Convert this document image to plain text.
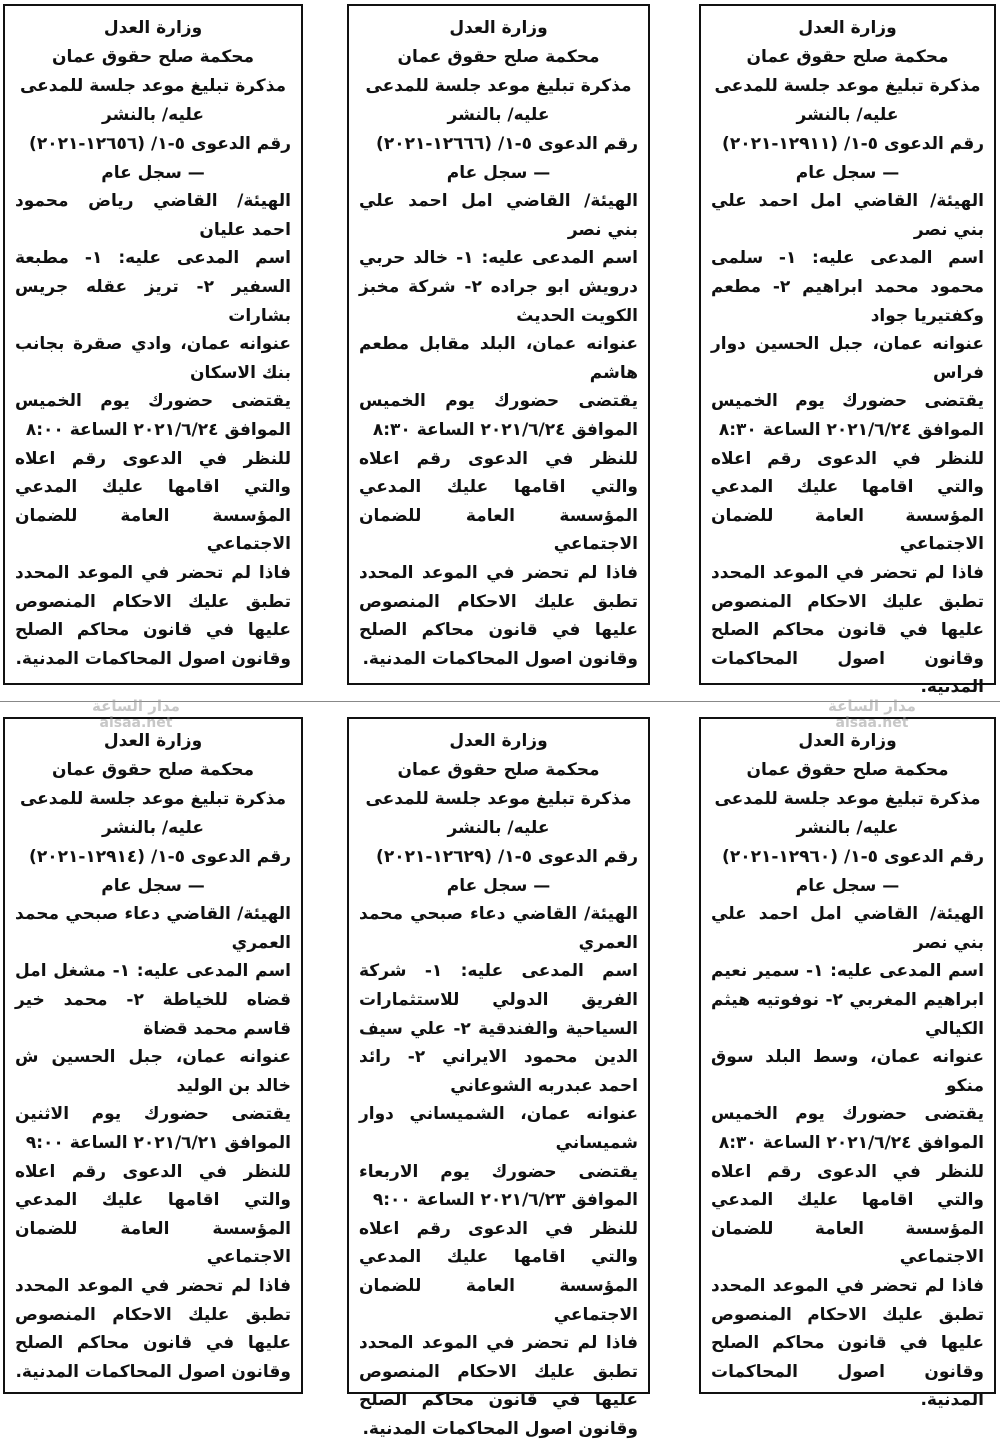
وزارة العدل
محكمة صلح حقوق عمان
مذكرة تبليغ موعد جلسة للمدعى
عليه/ بالنشر
رقم الدعوى ٥-١/ (١٢٩١١-٢٠٢١)
— سجل عام
الهيئة/ القاضي امل احمد علي بني نصر
اسم المدعى عليه: ١- سلمى محمود محمد ابراهيم ٢- مطعم وكفتيريا جواد
عنوانه عمان، جبل الحسين دوار فراس
يقتضى حضورك يوم الخميس الموافق ٢٠٢١/٦/٢٤ الساعة ٨:٣٠
للنظر في الدعوى رقم اعلاه والتي اقامها عليك المدعي المؤسسة العامة للضمان الاجتماعي
فاذا لم تحضر في الموعد المحدد تطبق عليك الاحكام المنصوص عليها في قانون محاكم الصلح وقانون اصول المحاكمات المدنية.
وزارة العدل
محكمة صلح حقوق عمان
مذكرة تبليغ موعد جلسة للمدعى
عليه/ بالنشر
رقم الدعوى ٥-١/ (١٢٦٦٦-٢٠٢١)
— سجل عام
الهيئة/ القاضي امل احمد علي بني نصر
اسم المدعى عليه: ١- خالد حربي درويش ابو جراده ٢- شركة مخبز الكويت الحديث
عنوانه عمان، البلد مقابل مطعم هاشم
يقتضى حضورك يوم الخميس الموافق ٢٠٢١/٦/٢٤ الساعة ٨:٣٠
للنظر في الدعوى رقم اعلاه والتي اقامها عليك المدعي المؤسسة العامة للضمان الاجتماعي
فاذا لم تحضر في الموعد المحدد تطبق عليك الاحكام المنصوص عليها في قانون محاكم الصلح وقانون اصول المحاكمات المدنية.
وزارة العدل
محكمة صلح حقوق عمان
مذكرة تبليغ موعد جلسة للمدعى
عليه/ بالنشر
رقم الدعوى ٥-١/ (١٢٦٥٦-٢٠٢١)
— سجل عام
الهيئة/ القاضي رياض محمود احمد عليان
اسم المدعى عليه: ١- مطبعة السفير ٢- تريز عقله جريس بشارات
عنوانه عمان، وادي صقرة بجانب بنك الاسكان
يقتضى حضورك يوم الخميس الموافق ٢٠٢١/٦/٢٤ الساعة ٨:٠٠
للنظر في الدعوى رقم اعلاه والتي اقامها عليك المدعي المؤسسة العامة للضمان الاجتماعي
فاذا لم تحضر في الموعد المحدد تطبق عليك الاحكام المنصوص عليها في قانون محاكم الصلح وقانون اصول المحاكمات المدنية.
وزارة العدل
محكمة صلح حقوق عمان
مذكرة تبليغ موعد جلسة للمدعى
عليه/ بالنشر
رقم الدعوى ٥-١/ (١٢٩٦٠-٢٠٢١)
— سجل عام
الهيئة/ القاضي امل احمد علي بني نصر
اسم المدعى عليه: ١- سمير نعيم ابراهيم المغربي ٢- نوفوتيه هيثم الكيالي
عنوانه عمان، وسط البلد سوق منكو
يقتضى حضورك يوم الخميس الموافق ٢٠٢١/٦/٢٤ الساعة ٨:٣٠
للنظر في الدعوى رقم اعلاه والتي اقامها عليك المدعي المؤسسة العامة للضمان الاجتماعي
فاذا لم تحضر في الموعد المحدد تطبق عليك الاحكام المنصوص عليها في قانون محاكم الصلح وقانون اصول المحاكمات المدنية.
وزارة العدل
محكمة صلح حقوق عمان
مذكرة تبليغ موعد جلسة للمدعى
عليه/ بالنشر
رقم الدعوى ٥-١/ (١٢٦٢٩-٢٠٢١)
— سجل عام
الهيئة/ القاضي دعاء صبحي محمد العمري
اسم المدعى عليه: ١- شركة الفريق الدولي للاستثمارات السياحية والفندقية ٢- علي سيف الدين محمود الايراني ٢- رائد احمد عبدربه الشوعاني
عنوانه عمان، الشميساني دوار شميساني
يقتضى حضورك يوم الاربعاء الموافق ٢٠٢١/٦/٢٣ الساعة ٩:٠٠
للنظر في الدعوى رقم اعلاه والتي اقامها عليك المدعي المؤسسة العامة للضمان الاجتماعي
فاذا لم تحضر في الموعد المحدد تطبق عليك الاحكام المنصوص عليها في قانون محاكم الصلح وقانون اصول المحاكمات المدنية.
وزارة العدل
محكمة صلح حقوق عمان
مذكرة تبليغ موعد جلسة للمدعى
عليه/ بالنشر
رقم الدعوى ٥-١/ (١٢٩١٤-٢٠٢١)
— سجل عام
الهيئة/ القاضي دعاء صبحي محمد العمري
اسم المدعى عليه: ١- مشغل امل قضاه للخياطة ٢- محمد خير قاسم محمد قضاة
عنوانه عمان، جبل الحسين ش خالد بن الوليد
يقتضى حضورك يوم الاثنين الموافق ٢٠٢١/٦/٢١ الساعة ٩:٠٠
للنظر في الدعوى رقم اعلاه والتي اقامها عليك المدعي المؤسسة العامة للضمان الاجتماعي
فاذا لم تحضر في الموعد المحدد تطبق عليك الاحكام المنصوص عليها في قانون محاكم الصلح وقانون اصول المحاكمات المدنية.
مدار الساعة
alsaa.net
مدار الساعة
alsaa.net
